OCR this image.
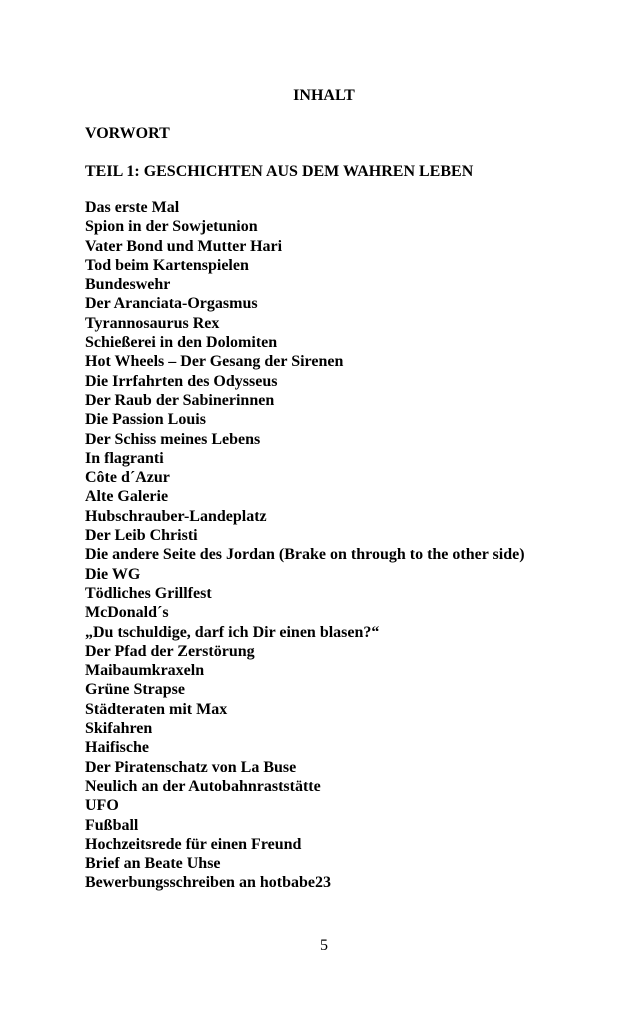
INHALT
VORWORT
TEIL 1: GESCHICHTEN AUS DEM WAHREN LEBEN
Das erste Mal
Spion in der Sowjetunion
Vater Bond und Mutter Hari
Tod beim Kartenspielen
Bundeswehr
Der Aranciata-Orgasmus
Tyrannosaurus Rex
Schießerei in den Dolomiten
Hot Wheels – Der Gesang der Sirenen
Die Irrfahrten des Odysseus
Der Raub der Sabinerinnen
Die Passion Louis
Der Schiss meines Lebens
In flagranti
Côte d´Azur
Alte Galerie
Hubschrauber-Landeplatz
Der Leib Christi
Die andere Seite des Jordan (Brake on through to the other side)
Die WG
Tödliches Grillfest
McDonald´s
„Du tschuldige, darf ich Dir einen blasen?“
Der Pfad der Zerstörung
Maibaumkraxeln
Grüne Strapse
Städteraten mit Max
Skifahren
Haifische
Der Piratenschatz von La Buse
Neulich an der Autobahnraststätte
UFO
Fußball
Hochzeitsrede für einen Freund
Brief an Beate Uhse
Bewerbungsschreiben an hotbabe23
5
